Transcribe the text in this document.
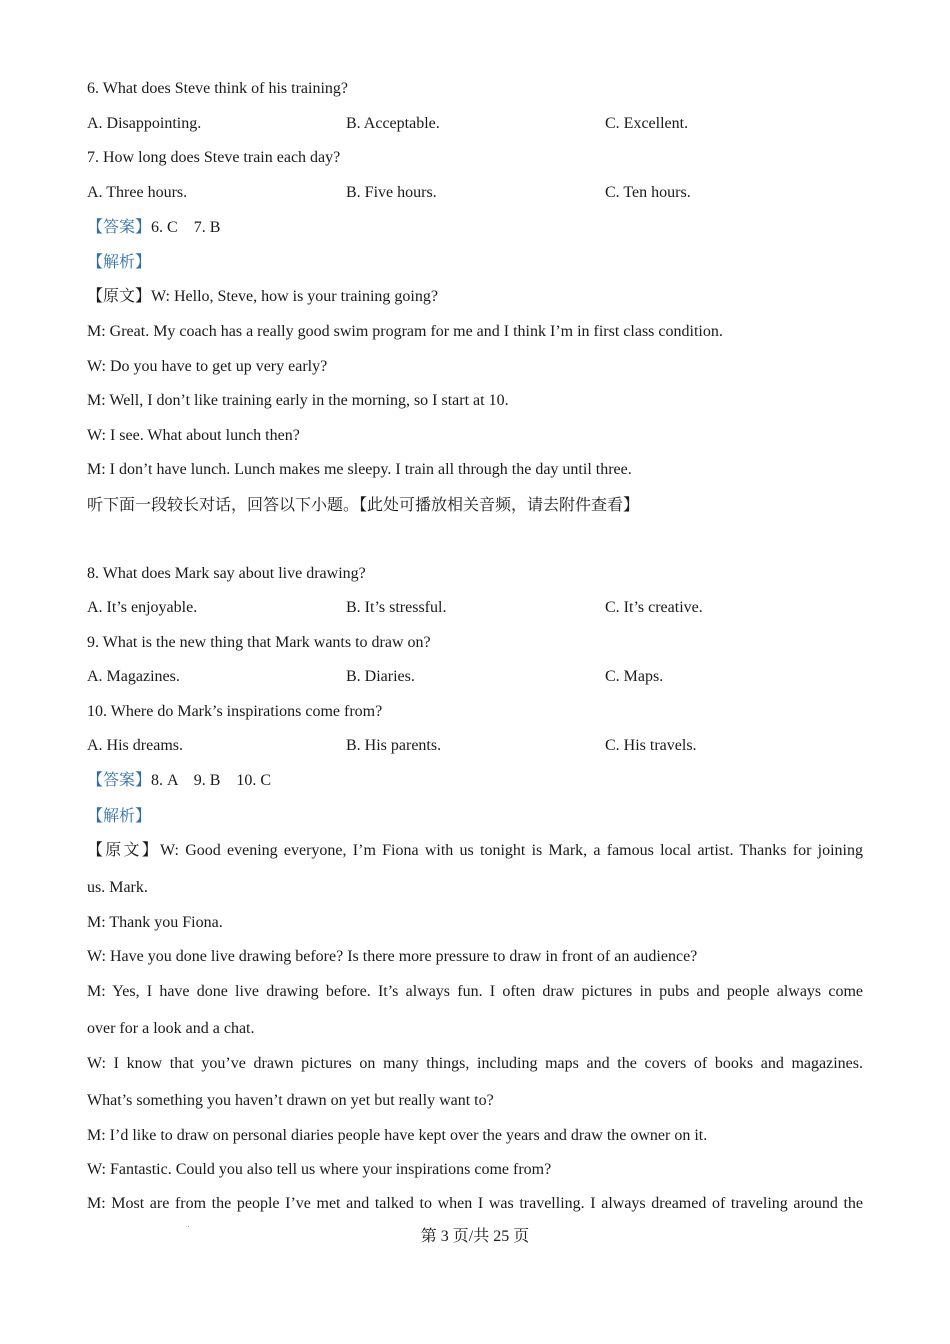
6. What does Steve think of his training?
A. Disappointing.	B. Acceptable.	C. Excellent.
7. How long does Steve train each day?
A. Three hours.	B. Five hours.	C. Ten hours.
【答案】6. C　7. B
【解析】
【原文】W: Hello, Steve, how is your training going?
M: Great. My coach has a really good swim program for me and I think I’m in first class condition.
W: Do you have to get up very early?
M: Well, I don’t like training early in the morning, so I start at 10.
W: I see. What about lunch then?
M: I don’t have lunch. Lunch makes me sleepy. I train all through the day until three.
听下面一段较长对话，回答以下小题。【此处可播放相关音频，请去附件查看】
8. What does Mark say about live drawing?
A. It’s enjoyable.	B. It’s stressful.	C. It’s creative.
9. What is the new thing that Mark wants to draw on?
A. Magazines.	B. Diaries.	C. Maps.
10. Where do Mark’s inspirations come from?
A. His dreams.	B. His parents.	C. His travels.
【答案】8. A　9. B　10. C
【解析】
【原文】W: Good evening everyone, I’m Fiona with us tonight is Mark, a famous local artist. Thanks for joining
us. Mark.
M: Thank you Fiona.
W: Have you done live drawing before? Is there more pressure to draw in front of an audience?
M: Yes, I have done live drawing before. It’s always fun. I often draw pictures in pubs and people always come
over for a look and a chat.
W: I know that you’ve drawn pictures on many things, including maps and the covers of books and magazines.
What’s something you haven’t drawn on yet but really want to?
M: I’d like to draw on personal diaries people have kept over the years and draw the owner on it.
W: Fantastic. Could you also tell us where your inspirations come from?
M: Most are from the people I’ve met and talked to when I was travelling. I always dreamed of traveling around the
第 3 页/共 25 页
